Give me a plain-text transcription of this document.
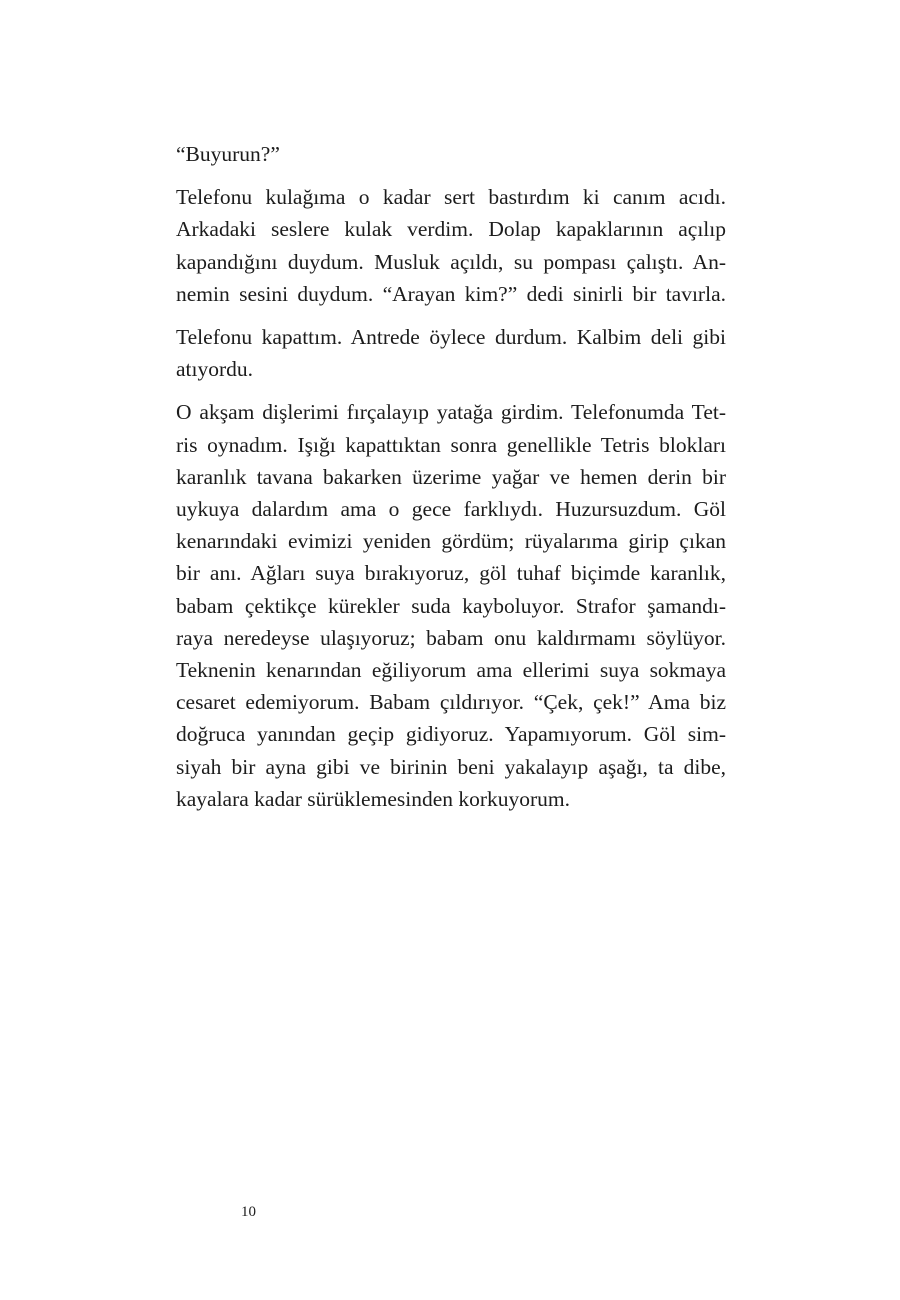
“Buyurun?”
Telefonu kulağıma o kadar sert bastırdım ki canım acıdı.
Arkadaki seslere kulak verdim. Dolap kapaklarının açılıp
kapandığını duydum. Musluk açıldı, su pompası çalıştı. An-
nemin sesini duydum. “Arayan kim?” dedi sinirli bir tavırla.
Telefonu kapattım. Antrede öylece durdum. Kalbim deli gibi
atıyordu.
O akşam dişlerimi fırçalayıp yatağa girdim. Telefonumda Tet-
ris oynadım. Işığı kapattıktan sonra genellikle Tetris blokları
karanlık tavana bakarken üzerime yağar ve hemen derin bir
uykuya dalardım ama o gece farklıydı. Huzursuzdum. Göl
kenarındaki evimizi yeniden gördüm; rüyalarıma girip çıkan
bir anı. Ağları suya bırakıyoruz, göl tuhaf biçimde karanlık,
babam çektikçe kürekler suda kayboluyor. Strafor şamandı-
raya neredeyse ulaşıyoruz; babam onu kaldırmamı söylüyor.
Teknenin kenarından eğiliyorum ama ellerimi suya sokmaya
cesaret edemiyorum. Babam çıldırıyor. “Çek, çek!” Ama biz
doğruca yanından geçip gidiyoruz. Yapamıyorum. Göl sim-
siyah bir ayna gibi ve birinin beni yakalayıp aşağı, ta dibe,
kayalara kadar sürüklemesinden korkuyorum.
10
